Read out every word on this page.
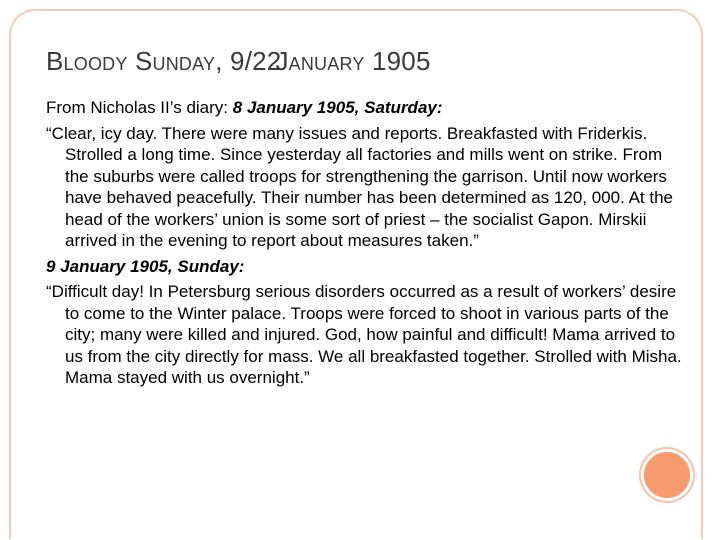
Bloody Sunday, 9/22January 1905

From Nicholas II’s diary: 8 January 1905, Saturday:

“Clear, icy day. There were many issues and reports. Breakfasted with Friderkis. Strolled a long time. Since yesterday all factories and mills went on strike. From the suburbs were called troops for strengthening the garrison. Until now workers have behaved peacefully. Their number has been determined as 120, 000. At the head of the workers’ union is some sort of priest – the socialist Gapon. Mirskii arrived in the evening to report about measures taken.”

9 January 1905, Sunday:

“Difficult day! In Petersburg serious disorders occurred as a result of workers’ desire to come to the Winter palace. Troops were forced to shoot in various parts of the city; many were killed and injured. God, how painful and difficult! Mama arrived to us from the city directly for mass. We all breakfasted together. Strolled with Misha. Mama stayed with us overnight.”
